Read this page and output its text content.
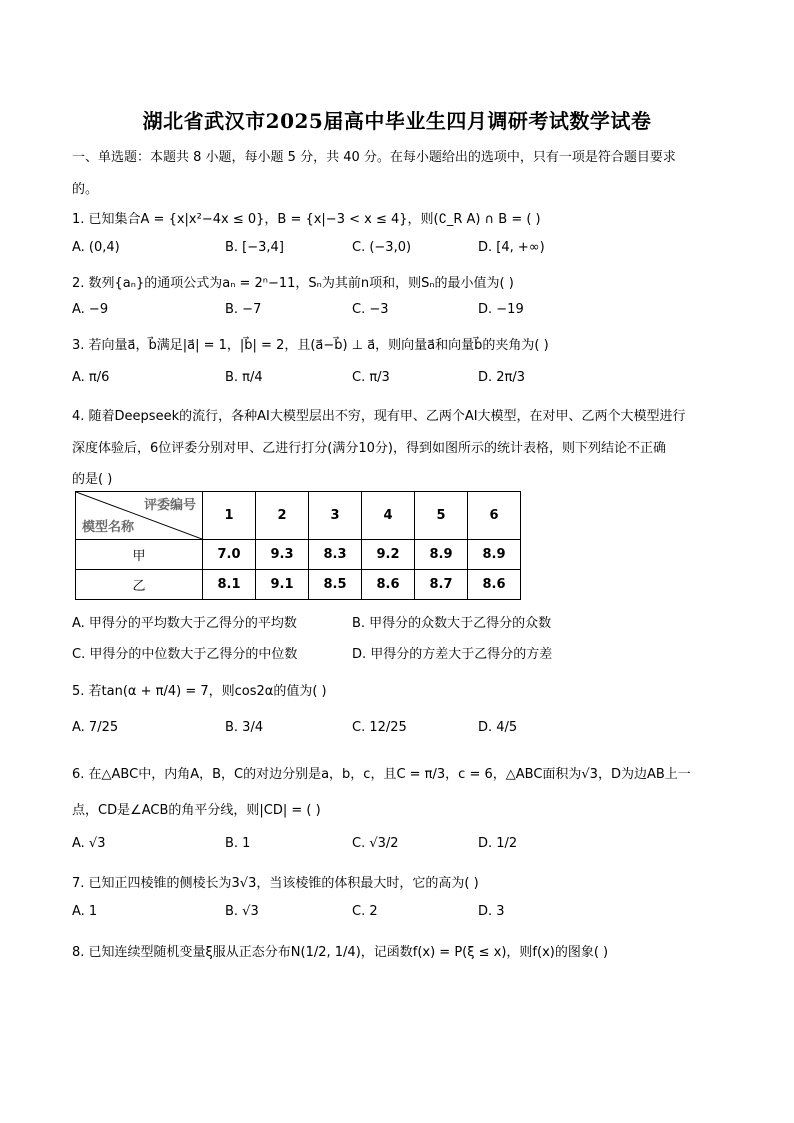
湖北省武汉市2025届高中毕业生四月调研考试数学试卷
一、单选题：本题共 8 小题，每小题 5 分，共 40 分。在每小题给出的选项中，只有一项是符合题目要求
的。
1. 已知集合A = {x|x²−4x ≤ 0}，B = {x|−3 < x ≤ 4}，则(∁_R A) ∩ B = ( )
A. (0,4)	B. [−3,4]	C. (−3,0)	D. [4, +∞)
2. 数列{aₙ}的通项公式为aₙ = 2ⁿ−11，Sₙ为其前n项和，则Sₙ的最小值为( )
A. −9	B. −7	C. −3	D. −19
3. 若向量a⃗，b⃗满足|a⃗| = 1，|b⃗| = 2，且(a⃗−b⃗) ⊥ a⃗，则向量a⃗和向量b⃗的夹角为( )
A. π/6	B. π/4	C. π/3	D. 2π/3
4. 随着Deepseek的流行，各种AI大模型层出不穷，现有甲、乙两个AI大模型，在对甲、乙两个大模型进行
深度体验后，6位评委分别对甲、乙进行打分(满分10分)，得到如图所示的统计表格，则下列结论不正确
的是( )
评委编号
模型名称	1	2	3	4	5	6
甲	7.0	9.3	8.3	9.2	8.9	8.9
乙	8.1	9.1	8.5	8.6	8.7	8.6
A. 甲得分的平均数大于乙得分的平均数	B. 甲得分的众数大于乙得分的众数
C. 甲得分的中位数大于乙得分的中位数	D. 甲得分的方差大于乙得分的方差
5. 若tan(α + π/4) = 7，则cos2α的值为( )
A. 7/25	B. 3/4	C. 12/25	D. 4/5
6. 在△ABC中，内角A，B，C的对边分别是a，b，c，且C = π/3，c = 6，△ABC面积为√3，D为边AB上一
点，CD是∠ACB的角平分线，则|CD| = ( )
A. √3	B. 1	C. √3/2	D. 1/2
7. 已知正四棱锥的侧棱长为3√3，当该棱锥的体积最大时，它的高为( )
A. 1	B. √3	C. 2	D. 3
8. 已知连续型随机变量ξ服从正态分布N(1/2, 1/4)，记函数f(x) = P(ξ ≤ x)，则f(x)的图象( )
